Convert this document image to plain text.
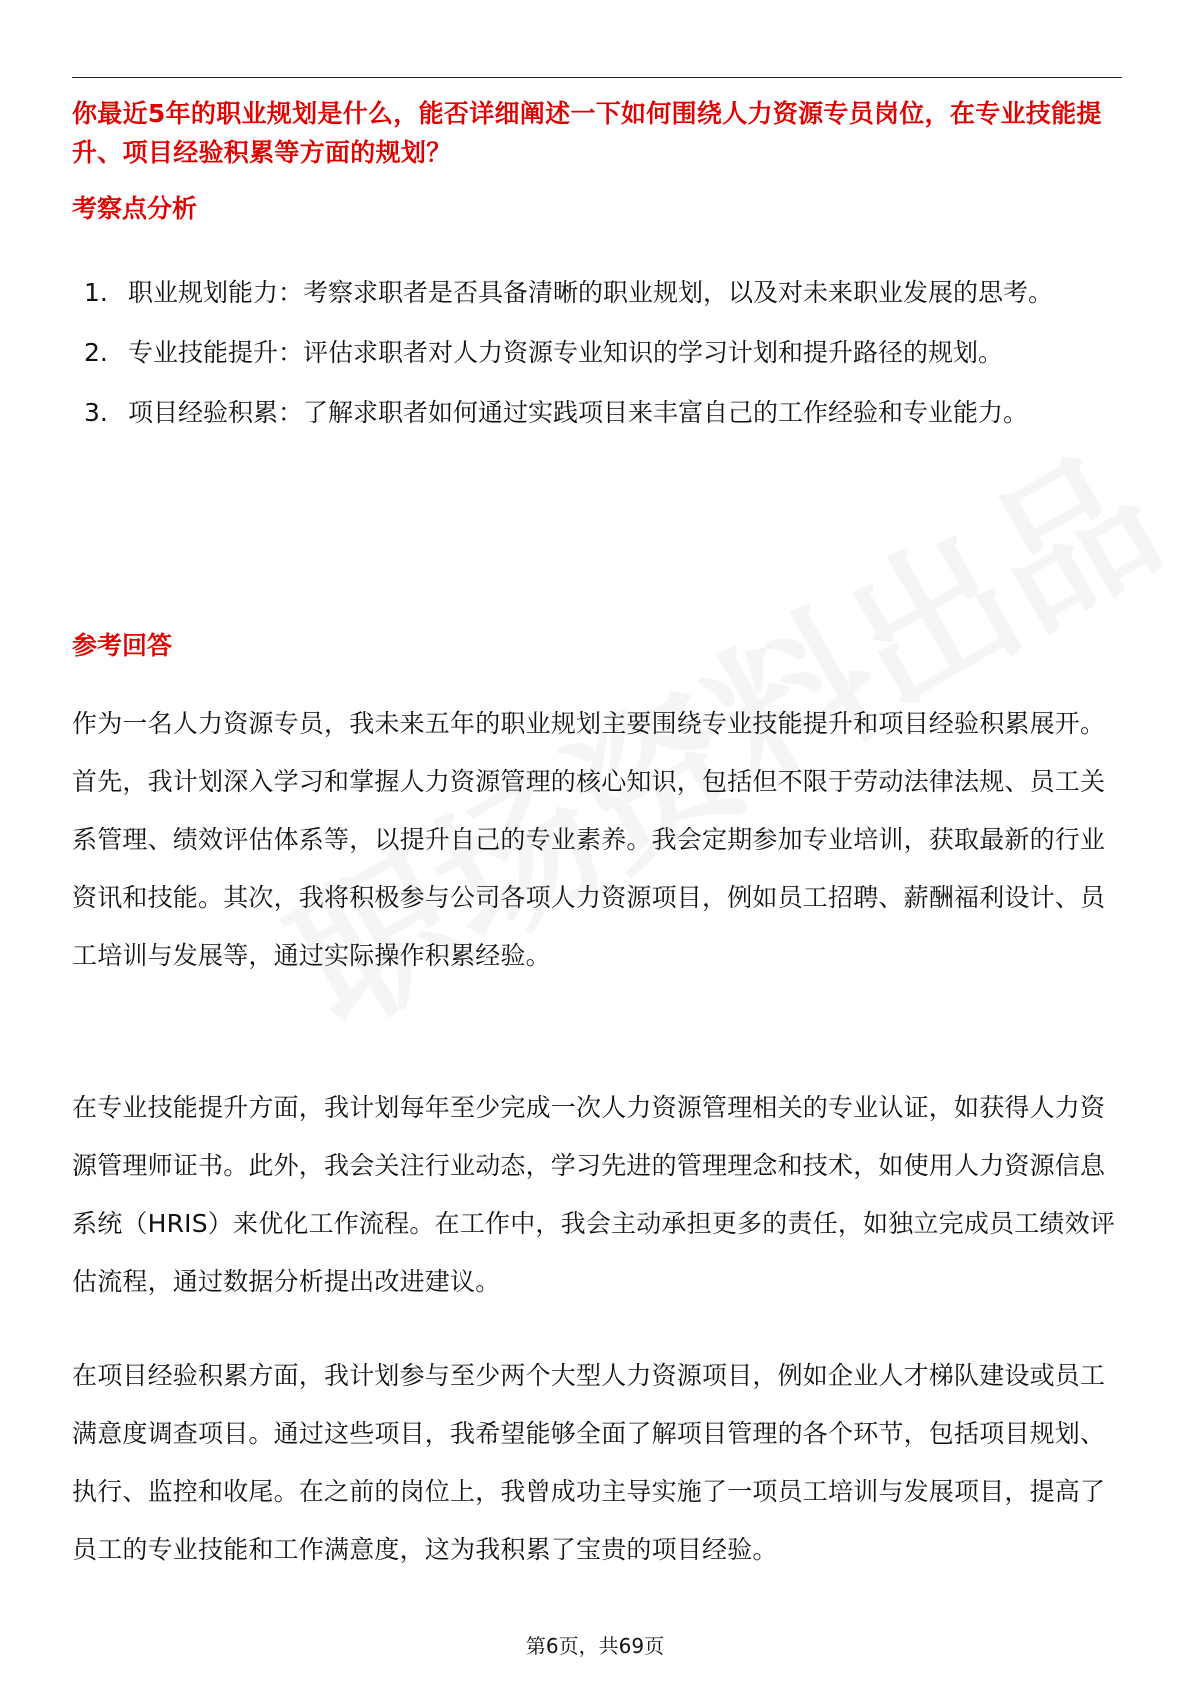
你最近5年的职业规划是什么，能否详细阐述一下如何围绕人力资源专员岗位，在专业技能提升、项目经验积累等方面的规划？
考察点分析
1. 职业规划能力：考察求职者是否具备清晰的职业规划，以及对未来职业发展的思考。
2. 专业技能提升：评估求职者对人力资源专业知识的学习计划和提升路径的规划。
3. 项目经验积累：了解求职者如何通过实践项目来丰富自己的工作经验和专业能力。
参考回答

作为一名人力资源专员，我未来五年的职业规划主要围绕专业技能提升和项目经验积累展开。首先，我计划深入学习和掌握人力资源管理的核心知识，包括但不限于劳动法律法规、员工关系管理、绩效评估体系等，以提升自己的专业素养。我会定期参加专业培训，获取最新的行业资讯和技能。其次，我将积极参与公司各项人力资源项目，例如员工招聘、薪酬福利设计、员工培训与发展等，通过实际操作积累经验。

在专业技能提升方面，我计划每年至少完成一次人力资源管理相关的专业认证，如获得人力资源管理师证书。此外，我会关注行业动态，学习先进的管理理念和技术，如使用人力资源信息系统（HRIS）来优化工作流程。在工作中，我会主动承担更多的责任，如独立完成员工绩效评估流程，通过数据分析提出改进建议。

在项目经验积累方面，我计划参与至少两个大型人力资源项目，例如企业人才梯队建设或员工满意度调查项目。通过这些项目，我希望能够全面了解项目管理的各个环节，包括项目规划、执行、监控和收尾。在之前的岗位上，我曾成功主导实施了一项员工培训与发展项目，提高了员工的专业技能和工作满意度，这为我积累了宝贵的项目经验。

第6页，共69页
